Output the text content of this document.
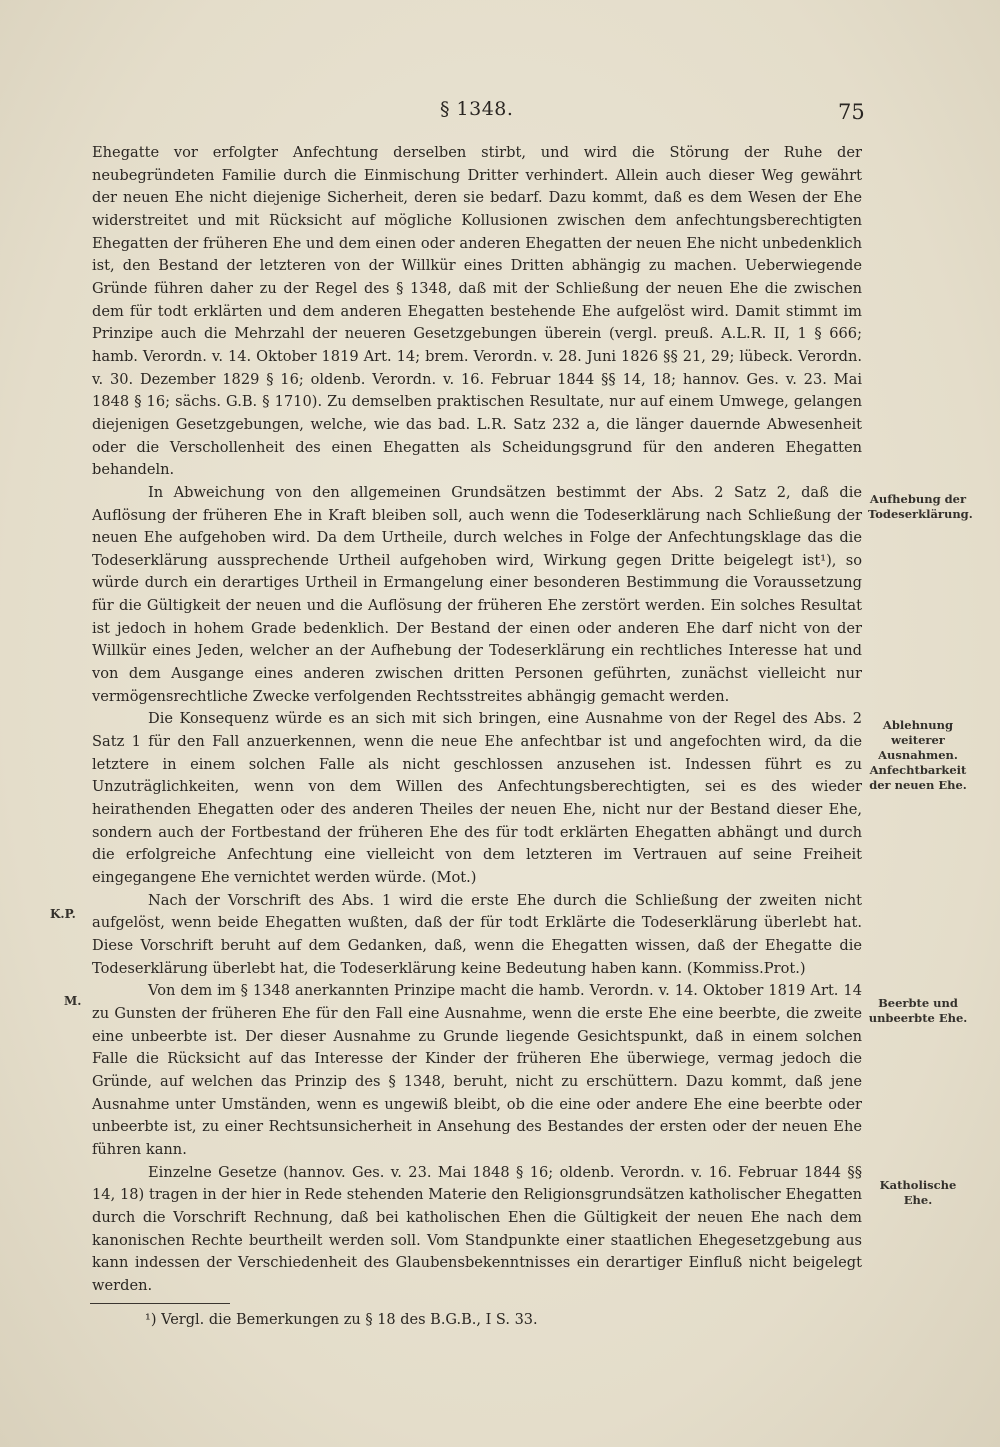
§ 1348.	75

Ehegatte vor erfolgter Anfechtung derselben stirbt, und wird die Störung der Ruhe der neubegründeten Familie durch die Einmischung Dritter verhindert. Allein auch dieser Weg gewährt der neuen Ehe nicht diejenige Sicherheit, deren sie bedarf. Dazu kommt, daß es dem Wesen der Ehe widerstreitet und mit Rücksicht auf mögliche Kollusionen zwischen dem anfechtungsberechtigten Ehegatten der früheren Ehe und dem einen oder anderen Ehegatten der neuen Ehe nicht unbedenklich ist, den Bestand der letzteren von der Willkür eines Dritten abhängig zu machen. Ueberwiegende Gründe führen daher zu der Regel des § 1348, daß mit der Schließung der neuen Ehe die zwischen dem für todt erklärten und dem anderen Ehegatten bestehende Ehe aufgelöst wird. Damit stimmt im Prinzipe auch die Mehrzahl der neueren Gesetzgebungen überein (vergl. preuß. A.L.R. II, 1 § 666; hamb. Verordn. v. 14. Oktober 1819 Art. 14; brem. Verordn. v. 28. Juni 1826 §§ 21, 29; lübeck. Verordn. v. 30. Dezember 1829 § 16; oldenb. Verordn. v. 16. Februar 1844 §§ 14, 18; hannov. Ges. v. 23. Mai 1848 § 16; sächs. G.B. § 1710). Zu demselben praktischen Resultate, nur auf einem Umwege, gelangen diejenigen Gesetzgebungen, welche, wie das bad. L.R. Satz 232 a, die länger dauernde Abwesenheit oder die Verschollenheit des einen Ehegatten als Scheidungsgrund für den anderen Ehegatten behandeln.

In Abweichung von den allgemeinen Grundsätzen bestimmt der Abs. 2 Satz 2, daß die Auflösung der früheren Ehe in Kraft bleiben soll, auch wenn die Todeserklärung nach Schließung der neuen Ehe aufgehoben wird. Da dem Urtheile, durch welches in Folge der Anfechtungsklage das die Todeserklärung aussprechende Urtheil aufgehoben wird, Wirkung gegen Dritte beigelegt ist¹), so würde durch ein derartiges Urtheil in Ermangelung einer besonderen Bestimmung die Voraussetzung für die Gültigkeit der neuen und die Auflösung der früheren Ehe zerstört werden. Ein solches Resultat ist jedoch in hohem Grade bedenklich. Der Bestand der einen oder anderen Ehe darf nicht von der Willkür eines Jeden, welcher an der Aufhebung der Todeserklärung ein rechtliches Interesse hat und von dem Ausgange eines anderen zwischen dritten Personen geführten, zunächst vielleicht nur vermögensrechtliche Zwecke verfolgenden Rechtsstreites abhängig gemacht werden.

Die Konsequenz würde es an sich mit sich bringen, eine Ausnahme von der Regel des Abs. 2 Satz 1 für den Fall anzuerkennen, wenn die neue Ehe anfechtbar ist und angefochten wird, da die letztere in einem solchen Falle als nicht geschlossen anzusehen ist. Indessen führt es zu Unzuträglichkeiten, wenn von dem Willen des Anfechtungsberechtigten, sei es des wieder heirathenden Ehegatten oder des anderen Theiles der neuen Ehe, nicht nur der Bestand dieser Ehe, sondern auch der Fortbestand der früheren Ehe des für todt erklärten Ehegatten abhängt und durch die erfolgreiche Anfechtung eine vielleicht von dem letzteren im Vertrauen auf seine Freiheit eingegangene Ehe vernichtet werden würde. (Mot.)

Nach der Vorschrift des Abs. 1 wird die erste Ehe durch die Schließung der zweiten nicht aufgelöst, wenn beide Ehegatten wußten, daß der für todt Erklärte die Todeserklärung überlebt hat. Diese Vorschrift beruht auf dem Gedanken, daß, wenn die Ehegatten wissen, daß der Ehegatte die Todeserklärung überlebt hat, die Todeserklärung keine Bedeutung haben kann. (Kommiss.Prot.)

Von dem im § 1348 anerkannten Prinzipe macht die hamb. Verordn. v. 14. Oktober 1819 Art. 14 zu Gunsten der früheren Ehe für den Fall eine Ausnahme, wenn die erste Ehe eine beerbte, die zweite eine unbeerbte ist. Der dieser Ausnahme zu Grunde liegende Gesichtspunkt, daß in einem solchen Falle die Rücksicht auf das Interesse der Kinder der früheren Ehe überwiege, vermag jedoch die Gründe, auf welchen das Prinzip des § 1348, beruht, nicht zu erschüttern. Dazu kommt, daß jene Ausnahme unter Umständen, wenn es ungewiß bleibt, ob die eine oder andere Ehe eine beerbte oder unbeerbte ist, zu einer Rechtsunsicherheit in Ansehung des Bestandes der ersten oder der neuen Ehe führen kann.

Einzelne Gesetze (hannov. Ges. v. 23. Mai 1848 § 16; oldenb. Verordn. v. 16. Februar 1844 §§ 14, 18) tragen in der hier in Rede stehenden Materie den Religionsgrundsätzen katholischer Ehegatten durch die Vorschrift Rechnung, daß bei katholischen Ehen die Gültigkeit der neuen Ehe nach dem kanonischen Rechte beurtheilt werden soll. Vom Standpunkte einer staatlichen Ehegesetzgebung aus kann indessen der Verschiedenheit des Glaubensbekenntnisses ein derartiger Einfluß nicht beigelegt werden.

Aufhebung der Todeserklärung.
Ablehnung weiterer Ausnahmen. Anfechtbarkeit der neuen Ehe.
Beerbte und unbeerbte Ehe.
Katholische Ehe.
K.P.
M.
¹) Vergl. die Bemerkungen zu § 18 des B.G.B., I S. 33.
